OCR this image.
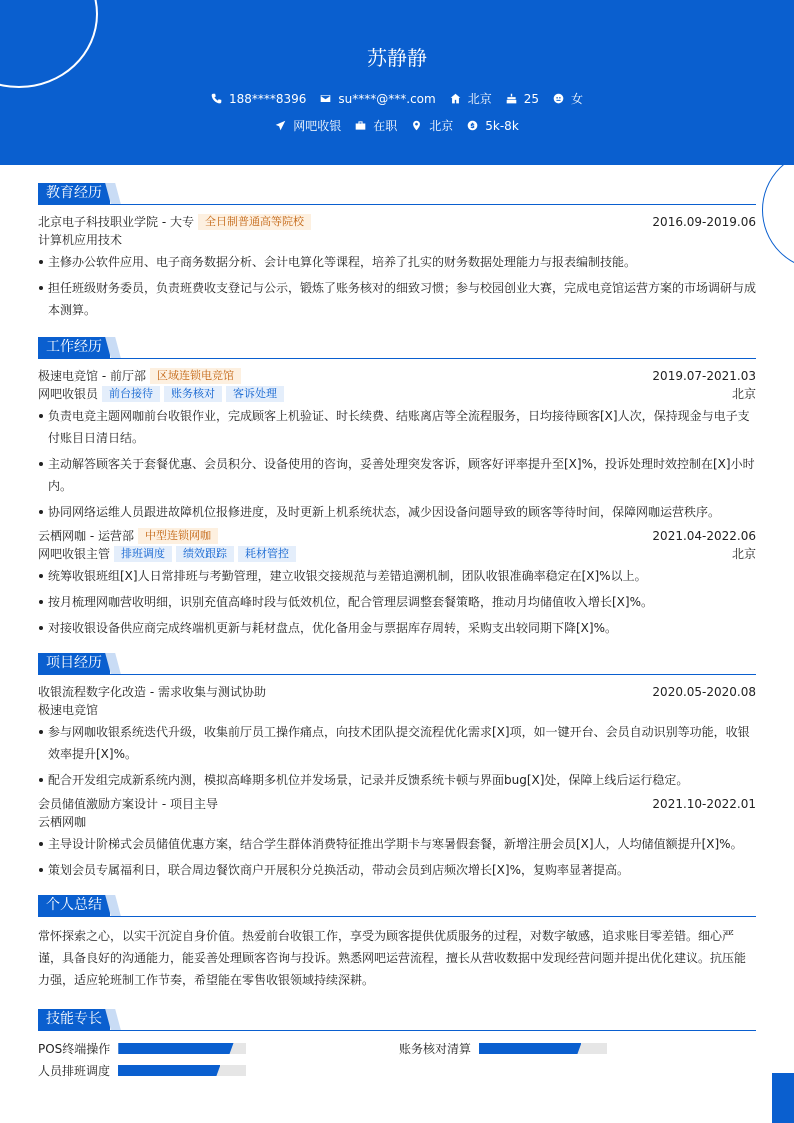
苏静静
188****8396	su****@***.com	北京	25	女
网吧收银	在职	北京	5k-8k
教育经历
北京电子科技职业学院 - 大专 全日制普通高等院校	2016.09-2019.06
计算机应用技术
主修办公软件应用、电子商务数据分析、会计电算化等课程，培养了扎实的财务数据处理能力与报表编制技能。
担任班级财务委员，负责班费收支登记与公示，锻炼了账务核对的细致习惯；参与校园创业大赛，完成电竞馆运营方案的市场调研与成本测算。
工作经历
极速电竞馆 - 前厅部 区域连锁电竞馆	2019.07-2021.03
网吧收银员 前台接待 账务核对 客诉处理	北京
负责电竞主题网咖前台收银作业，完成顾客上机验证、时长续费、结账离店等全流程服务，日均接待顾客[X]人次，保持现金与电子支付账目日清日结。
主动解答顾客关于套餐优惠、会员积分、设备使用的咨询，妥善处理突发客诉，顾客好评率提升至[X]%，投诉处理时效控制在[X]小时内。
协同网络运维人员跟进故障机位报修进度，及时更新上机系统状态，减少因设备问题导致的顾客等待时间，保障网咖运营秩序。
云栖网咖 - 运营部 中型连锁网咖	2021.04-2022.06
网吧收银主管 排班调度 绩效跟踪 耗材管控	北京
统筹收银班组[X]人日常排班与考勤管理，建立收银交接规范与差错追溯机制，团队收银准确率稳定在[X]%以上。
按月梳理网咖营收明细，识别充值高峰时段与低效机位，配合管理层调整套餐策略，推动月均储值收入增长[X]%。
对接收银设备供应商完成终端机更新与耗材盘点，优化备用金与票据库存周转，采购支出较同期下降[X]%。
项目经历
收银流程数字化改造 - 需求收集与测试协助	2020.05-2020.08
极速电竞馆
参与网咖收银系统迭代升级，收集前厅员工操作痛点，向技术团队提交流程优化需求[X]项，如一键开台、会员自动识别等功能，收银效率提升[X]%。
配合开发组完成新系统内测，模拟高峰期多机位并发场景，记录并反馈系统卡顿与界面bug[X]处，保障上线后运行稳定。
会员储值激励方案设计 - 项目主导	2021.10-2022.01
云栖网咖
主导设计阶梯式会员储值优惠方案，结合学生群体消费特征推出学期卡与寒暑假套餐，新增注册会员[X]人，人均储值额提升[X]%。
策划会员专属福利日，联合周边餐饮商户开展积分兑换活动，带动会员到店频次增长[X]%，复购率显著提高。
个人总结
常怀探索之心，以实干沉淀自身价值。热爱前台收银工作，享受为顾客提供优质服务的过程，对数字敏感，追求账目零差错。细心严谨，具备良好的沟通能力，能妥善处理顾客咨询与投诉。熟悉网吧运营流程，擅长从营收数据中发现经营问题并提出优化建议。抗压能力强，适应轮班制工作节奏，希望能在零售收银领域持续深耕。
技能专长
POS终端操作	账务核对清算
人员排班调度
